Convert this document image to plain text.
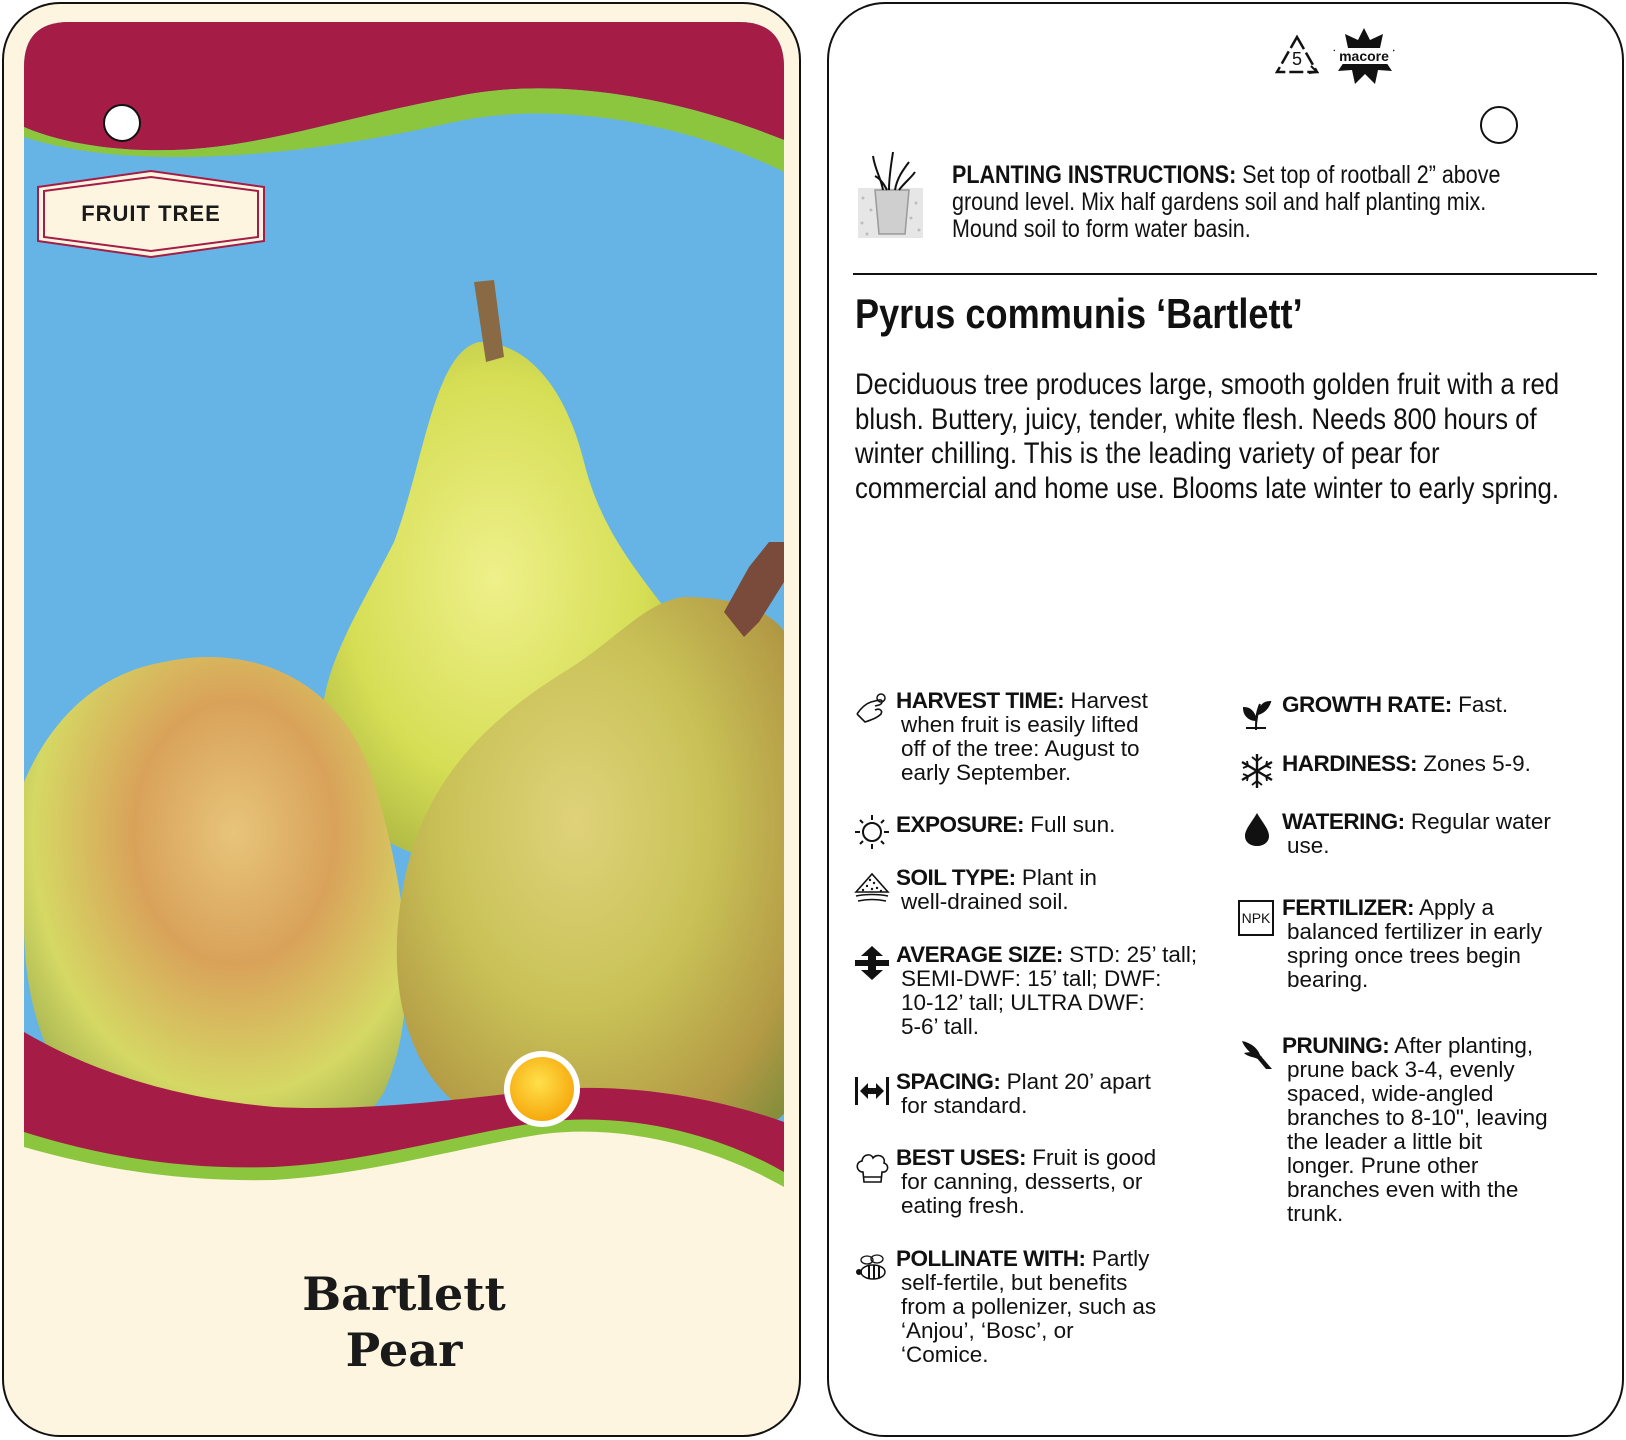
FRUIT TREE
Bartlett
Pear
5	macore
PLANTING INSTRUCTIONS: Set top of rootball 2” above
ground level. Mix half gardens soil and half planting mix.
Mound soil to form water basin.
Pyrus communis ‘Bartlett’
Deciduous tree produces large, smooth golden fruit with a red blush. Buttery, juicy, tender, white flesh. Needs 800 hours of winter chilling. This is the leading variety of pear for commercial and home use. Blooms late winter to early spring.
NPK
HARVEST TIME: Harvest
when fruit is easily lifted
off of the tree: August to
early September.
EXPOSURE: Full sun.
SOIL TYPE: Plant in
well-drained soil.
AVERAGE SIZE: STD: 25’ tall;
SEMI-DWF: 15’ tall; DWF:
10-12’ tall; ULTRA DWF:
5-6’ tall.
SPACING: Plant 20’ apart
for standard.
BEST USES: Fruit is good
for canning, desserts, or
eating fresh.
POLLINATE WITH: Partly
self-fertile, but benefits
from a pollenizer, such as
‘Anjou’, ‘Bosc’, or
‘Comice.
GROWTH RATE: Fast.
HARDINESS: Zones 5-9.
WATERING: Regular water
use.
FERTILIZER: Apply a
balanced fertilizer in early
spring once trees begin
bearing.
PRUNING: After planting,
prune back 3-4, evenly
spaced, wide-angled
branches to 8-10", leaving
the leader a little bit
longer. Prune other
branches even with the
trunk.
